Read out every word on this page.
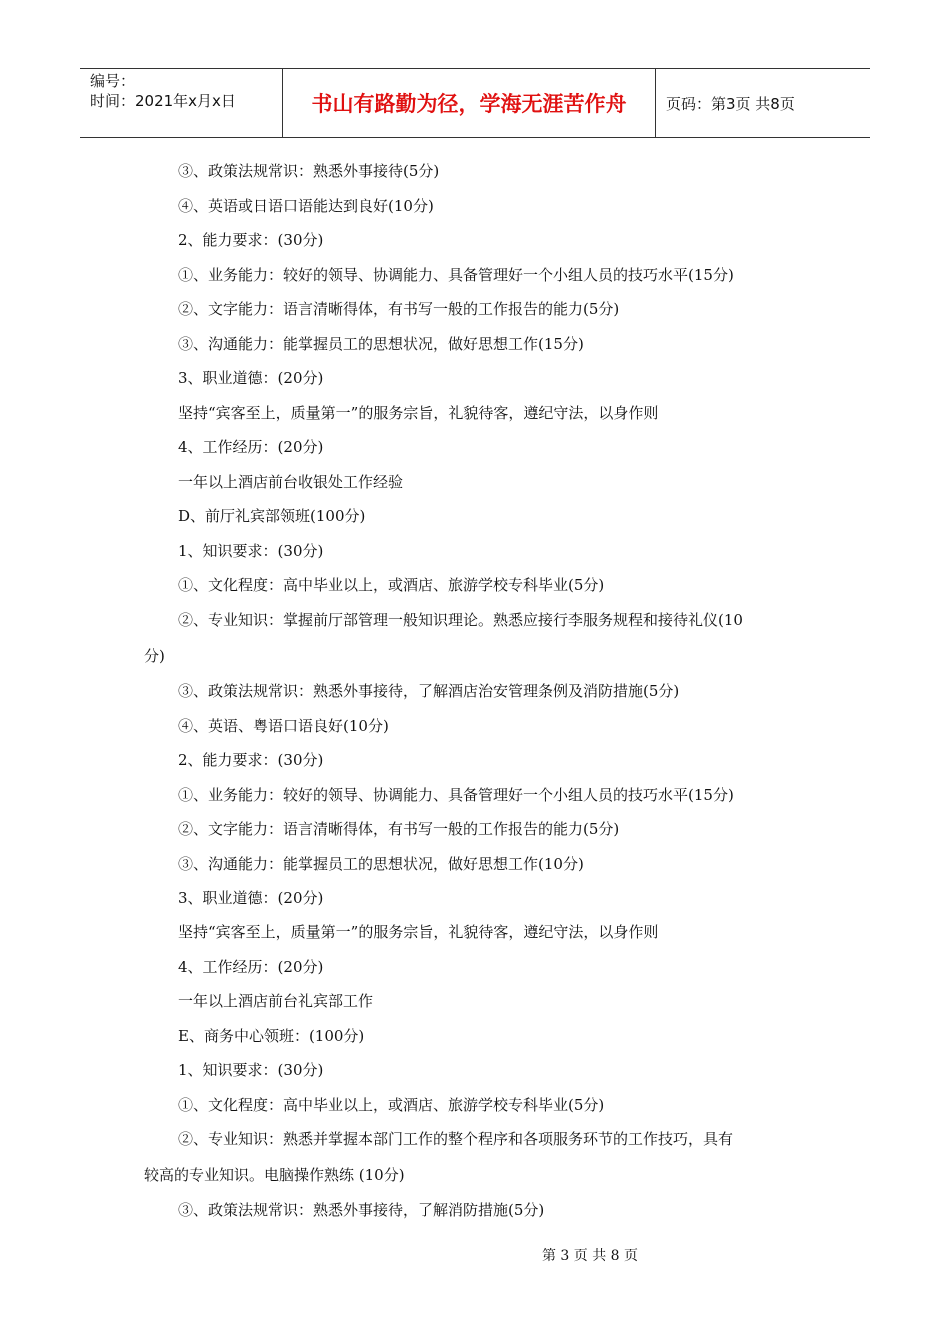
编号：
时间：2021年x月x日	书山有路勤为径，学海无涯苦作舟	页码：第3页 共8页
③、政策法规常识：熟悉外事接待(5分)
④、英语或日语口语能达到良好(10分)
2、能力要求：(30分)
①、业务能力：较好的领导、协调能力、具备管理好一个小组人员的技巧水平(15分)
②、文字能力：语言清晰得体，有书写一般的工作报告的能力(5分)
③、沟通能力：能掌握员工的思想状况，做好思想工作(15分)
3、职业道德：(20分)
坚持“宾客至上，质量第一”的服务宗旨，礼貌待客，遵纪守法，以身作则
4、工作经历：(20分)
一年以上酒店前台收银处工作经验
D、前厅礼宾部领班(100分)
1、知识要求：(30分)
①、文化程度：高中毕业以上，或酒店、旅游学校专科毕业(5分)
②、专业知识：掌握前厅部管理一般知识理论。熟悉应接行李服务规程和接待礼仪(10
分)
③、政策法规常识：熟悉外事接待，了解酒店治安管理条例及消防措施(5分)
④、英语、粤语口语良好(10分)
2、能力要求：(30分)
①、业务能力：较好的领导、协调能力、具备管理好一个小组人员的技巧水平(15分)
②、文字能力：语言清晰得体，有书写一般的工作报告的能力(5分)
③、沟通能力：能掌握员工的思想状况，做好思想工作(10分)
3、职业道德：(20分)
坚持“宾客至上，质量第一”的服务宗旨，礼貌待客，遵纪守法，以身作则
4、工作经历：(20分)
一年以上酒店前台礼宾部工作
E、商务中心领班：(100分)
1、知识要求：(30分)
①、文化程度：高中毕业以上，或酒店、旅游学校专科毕业(5分)
②、专业知识：熟悉并掌握本部门工作的整个程序和各项服务环节的工作技巧，具有
较高的专业知识。电脑操作熟练 (10分)
③、政策法规常识：熟悉外事接待，了解消防措施(5分)
第 3 页 共 8 页
